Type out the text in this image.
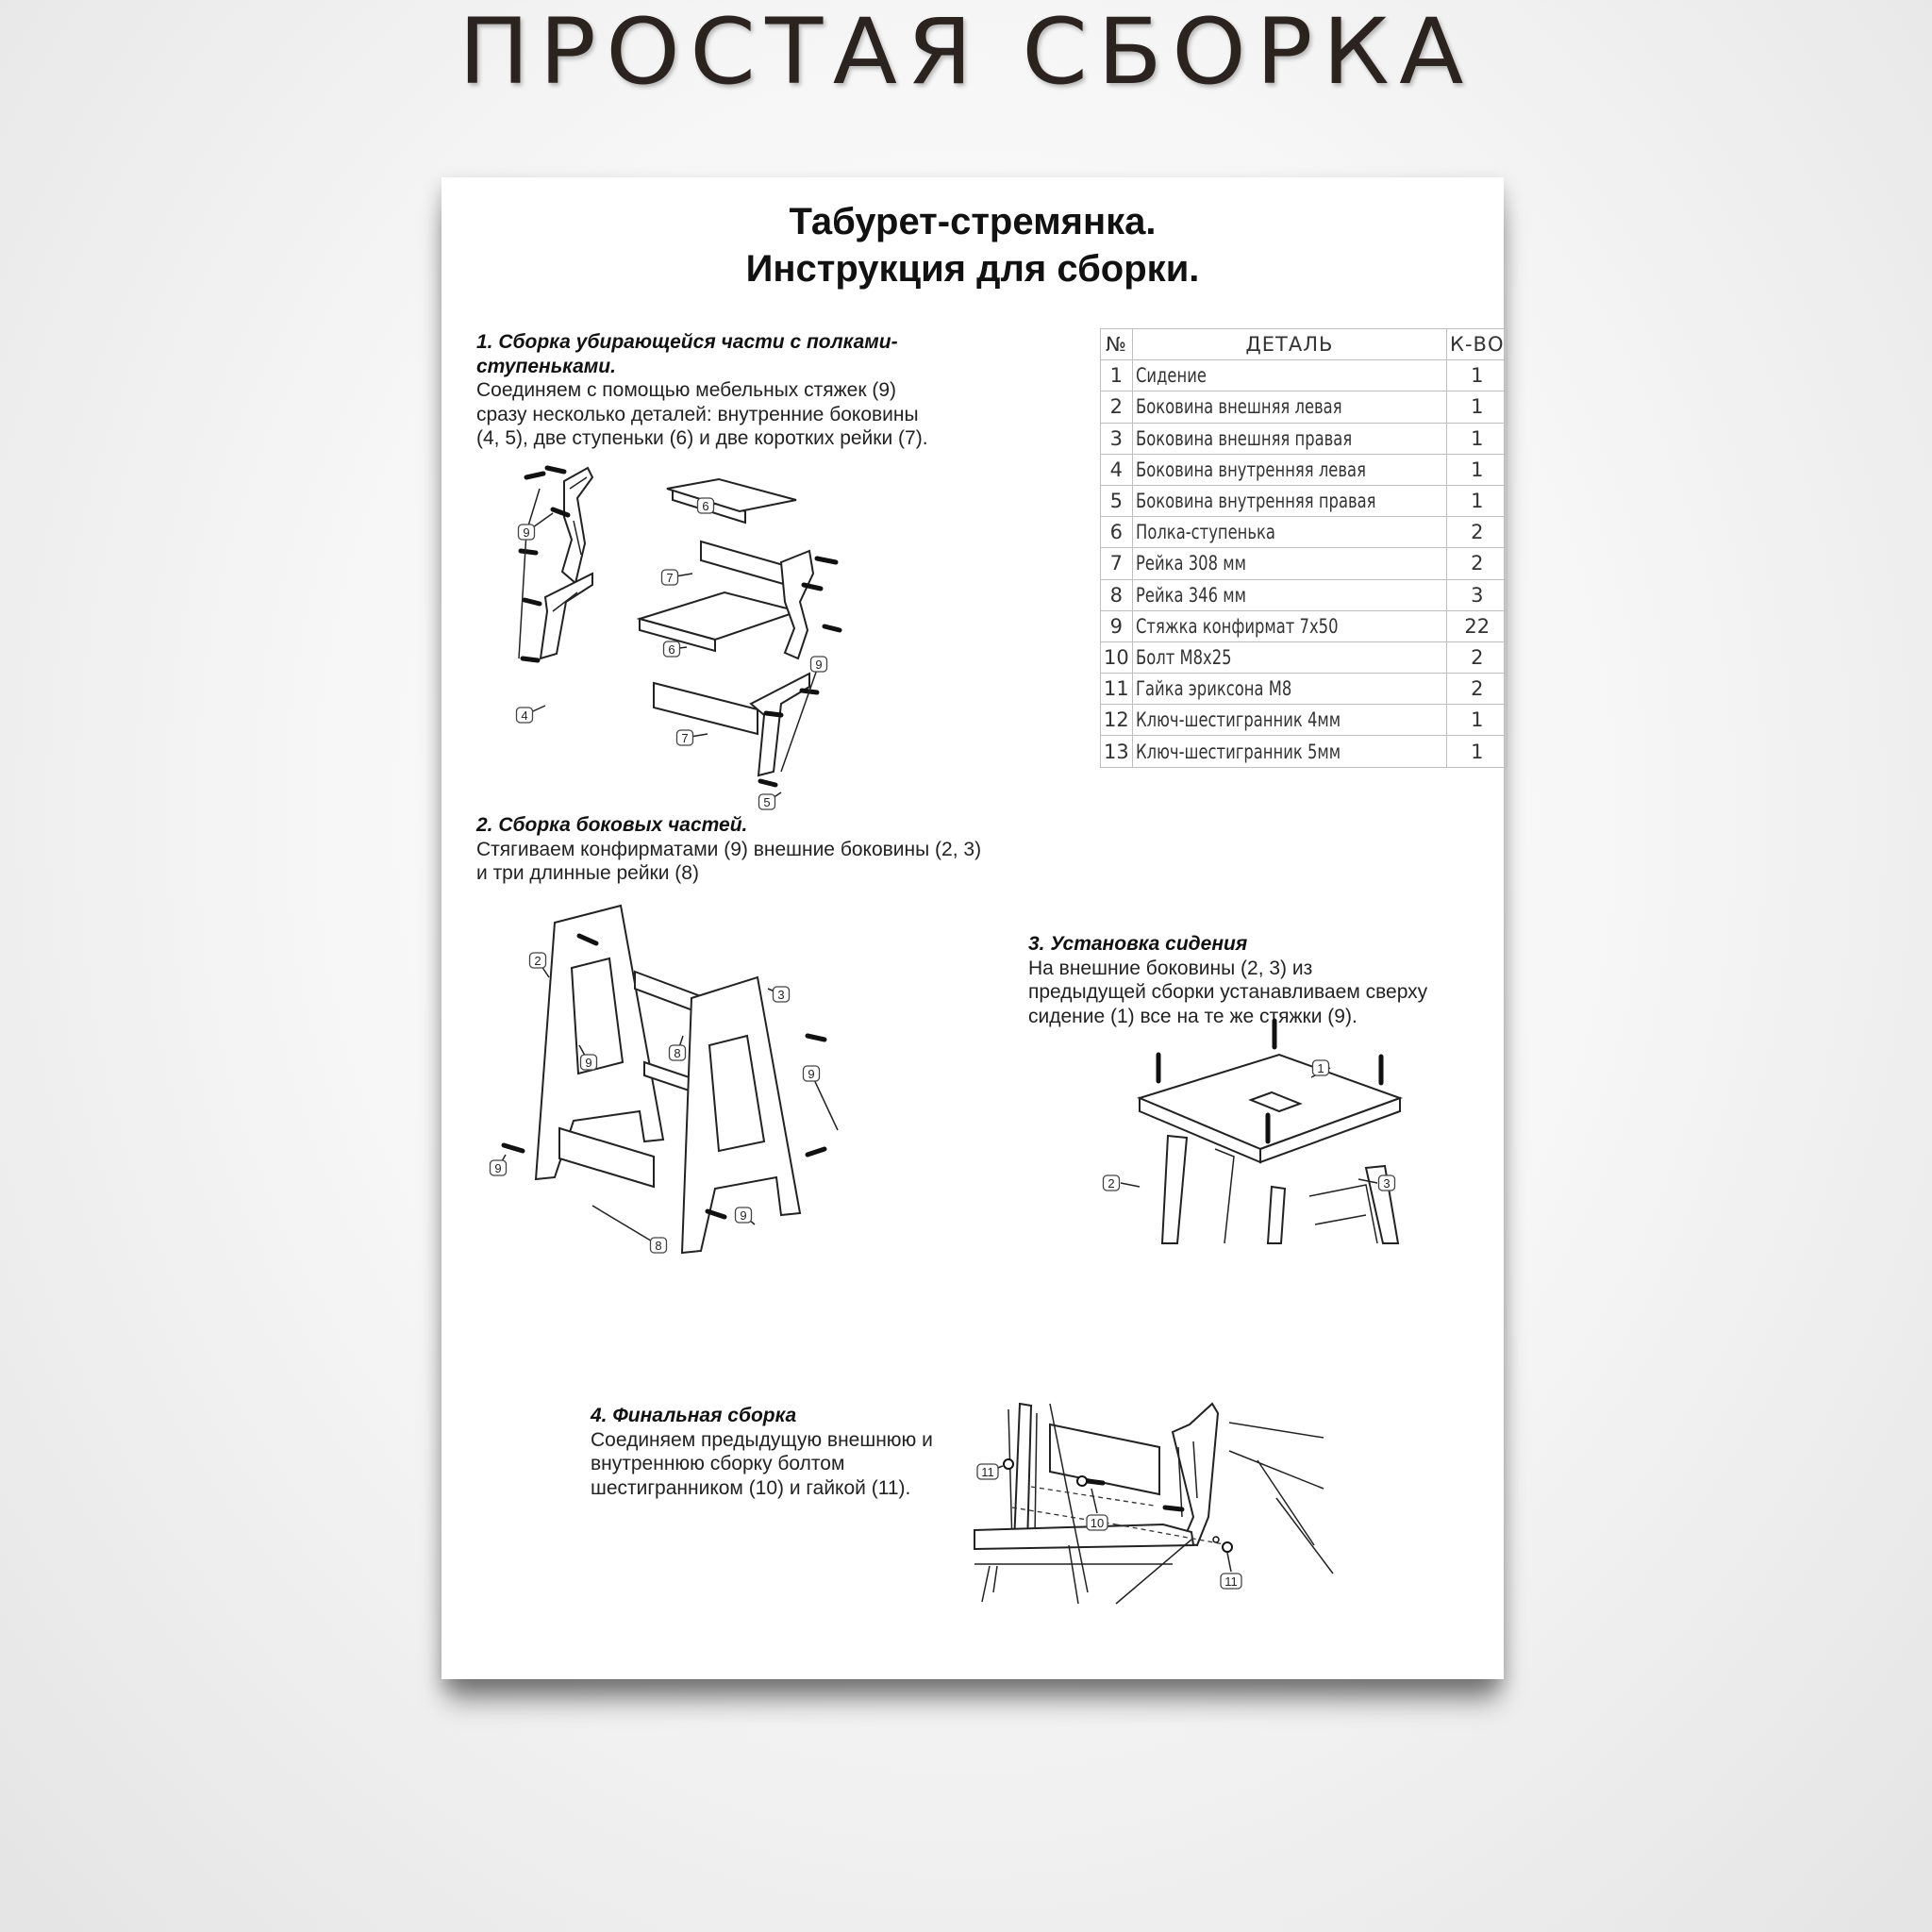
ПРОСТАЯ СБОРКА
Табурет-стремянка.
Инструкция для сборки.
1. Сборка убирающейся части с полками-
ступеньками.
Соединяем с помощью мебельных стяжек (9)
сразу несколько деталей: внутренние боковины
(4, 5), две ступеньки (6) и две коротких рейки (7).
№	ДЕТАЛЬ	К-ВО
1	Сидение	1
2	Боковина внешняя левая	1
3	Боковина внешняя правая	1
4	Боковина внутренняя левая	1
5	Боковина внутренняя правая	1
6	Полка-ступенька	2
7	Рейка 308 мм	2
8	Рейка 346 мм	3
9	Стяжка конфирмат 7х50	22
10	Болт М8х25	2
11	Гайка эриксона М8	2
12	Ключ-шестигранник 4мм	1
13	Ключ-шестигранник 5мм	1
9
6
7
6
9
4
7
5
2. Сборка боковых частей.
Стягиваем конфирматами (9) внешние боковины (2, 3)
и три длинные рейки (8)
2
3
9
8
9
9
8
9
3. Установка сидения
На внешние боковины (2, 3) из
предыдущей сборки устанавливаем сверху
сидение (1) все на те же стяжки (9).
1
2	3
4. Финальная сборка
Соединяем предыдущую внешнюю и
внутреннюю сборку болтом
шестигранником (10) и гайкой (11).
11
10
11
